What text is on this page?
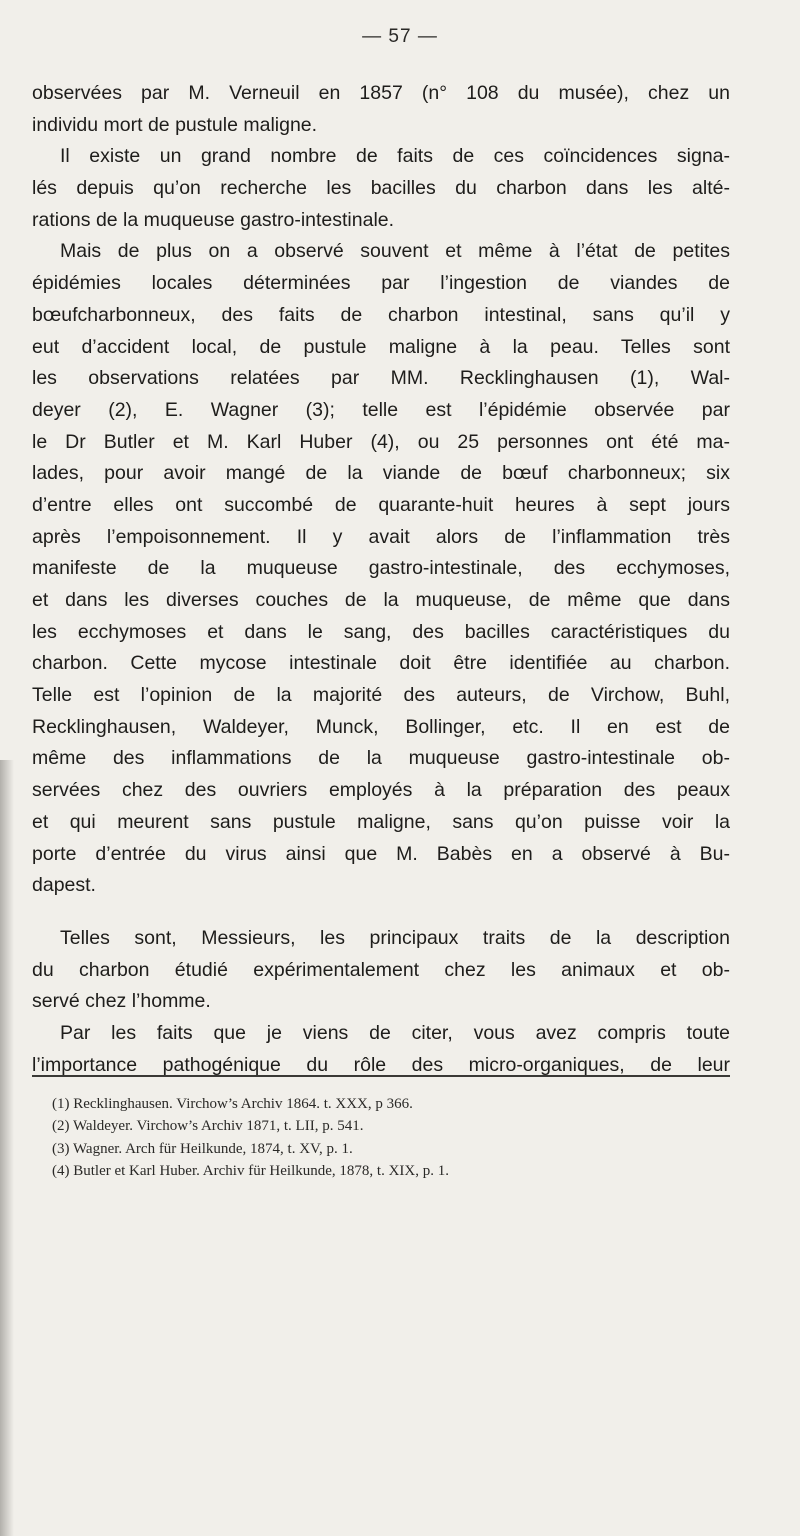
— 57 —
observées par M. Verneuil en 1857 (n° 108 du musée), chez un
individu mort de pustule maligne.
Il existe un grand nombre de faits de ces coïncidences signa-
lés depuis qu’on recherche les bacilles du charbon dans les alté-
rations de la muqueuse gastro-intestinale.
Mais de plus on a observé souvent et même à l’état de petites
épidémies locales déterminées par l’ingestion de viandes de
bœufcharbonneux, des faits de charbon intestinal, sans qu’il y
eut d’accident local, de pustule maligne à la peau. Telles sont
les observations relatées par MM. Recklinghausen (1), Wal-
deyer (2), E. Wagner (3); telle est l’épidémie observée par
le Dr Butler et M. Karl Huber (4), ou 25 personnes ont été ma-
lades, pour avoir mangé de la viande de bœuf charbonneux; six
d’entre elles ont succombé de quarante-huit heures à sept jours
après l’empoisonnement. Il y avait alors de l’inflammation très
manifeste de la muqueuse gastro-intestinale, des ecchymoses,
et dans les diverses couches de la muqueuse, de même que dans
les ecchymoses et dans le sang, des bacilles caractéristiques du
charbon. Cette mycose intestinale doit être identifiée au charbon.
Telle est l’opinion de la majorité des auteurs, de Virchow, Buhl,
Recklinghausen, Waldeyer, Munck, Bollinger, etc. Il en est de
même des inflammations de la muqueuse gastro-intestinale ob-
servées chez des ouvriers employés à la préparation des peaux
et qui meurent sans pustule maligne, sans qu’on puisse voir la
porte d’entrée du virus ainsi que M. Babès en a observé à Bu-
dapest.
Telles sont, Messieurs, les principaux traits de la description
du charbon étudié expérimentalement chez les animaux et ob-
servé chez l’homme.
Par les faits que je viens de citer, vous avez compris toute
l’importance pathogénique du rôle des micro-organiques, de leur
(1) Recklinghausen. Virchow’s Archiv 1864. t. XXX, p 366.
(2) Waldeyer. Virchow’s Archiv 1871, t. LII, p. 541.
(3) Wagner. Arch für Heilkunde, 1874, t. XV, p. 1.
(4) Butler et Karl Huber. Archiv für Heilkunde, 1878, t. XIX, p. 1.
